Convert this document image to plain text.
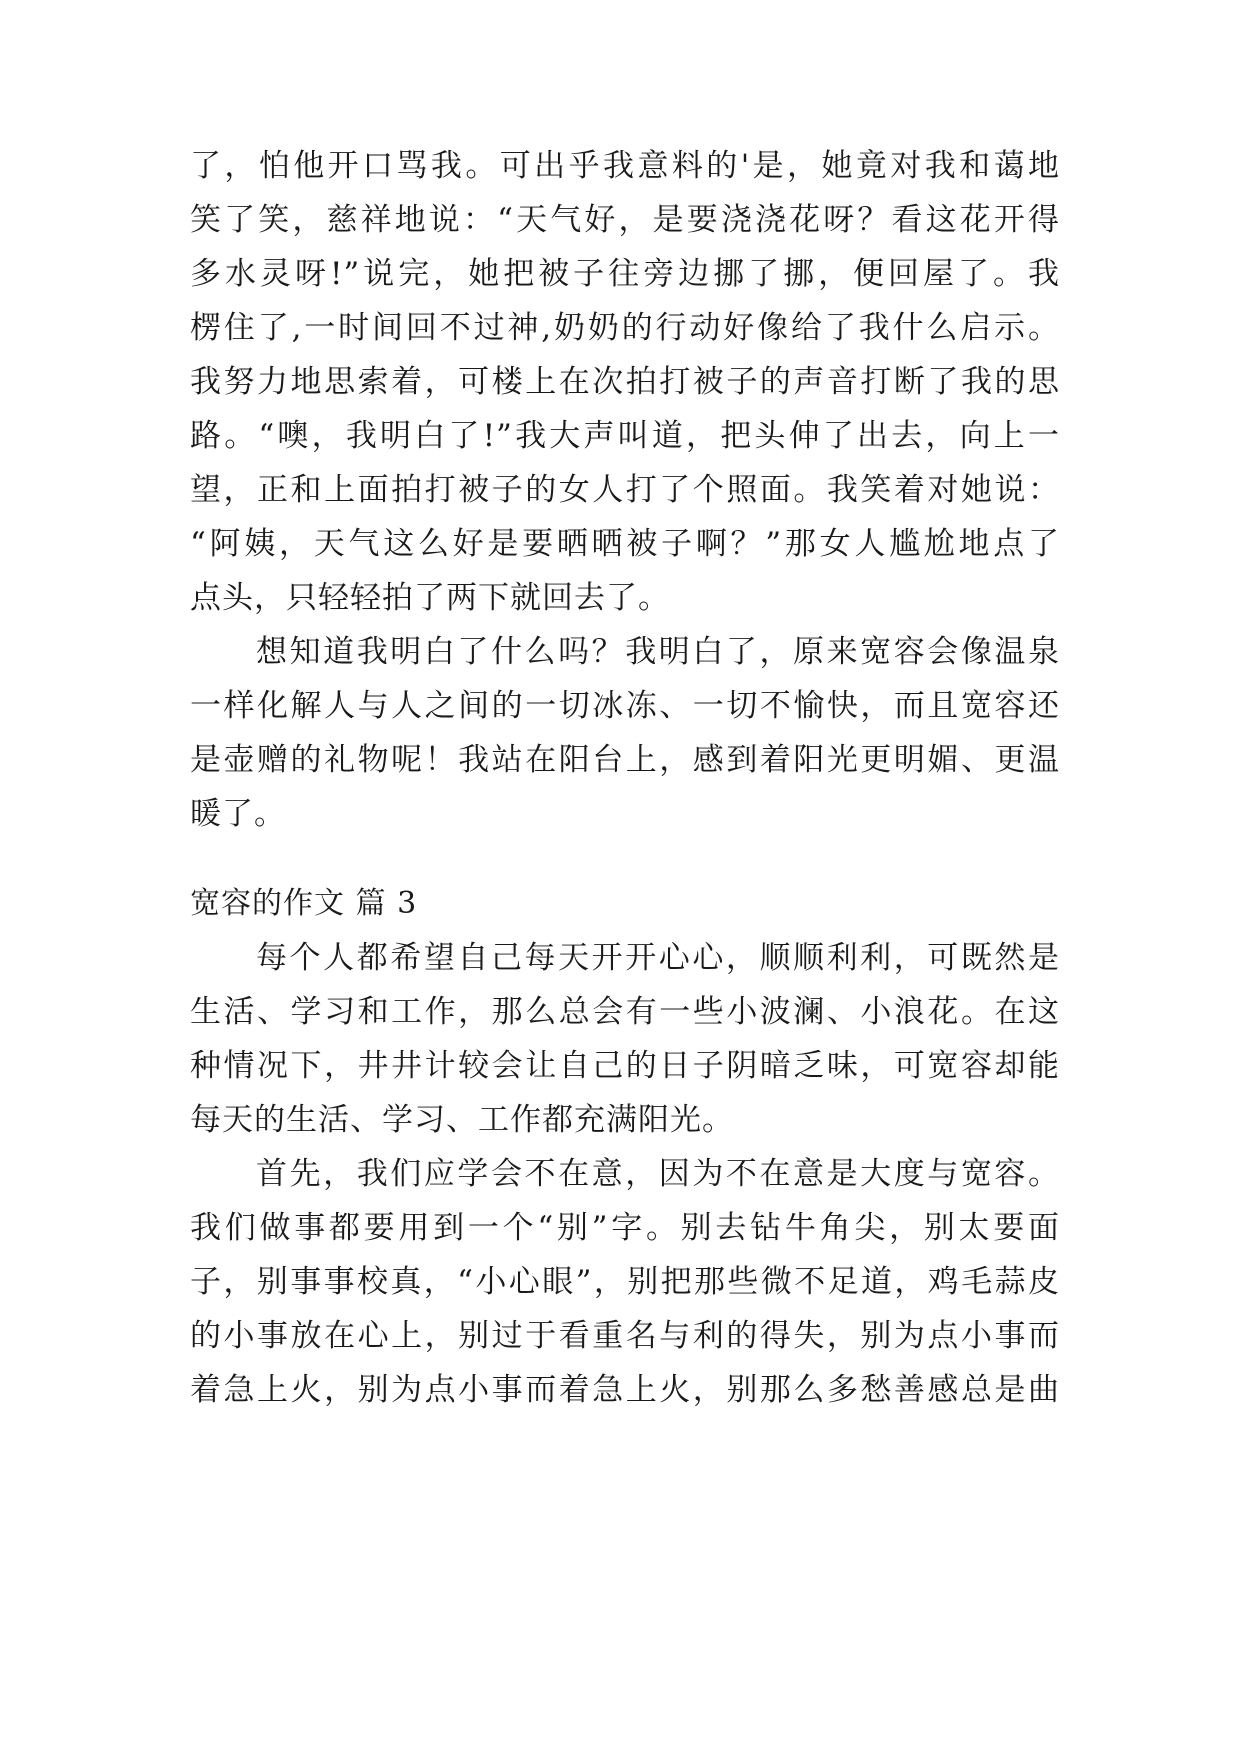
了，怕他开口骂我。可出乎我意料的'是，她竟对我和蔼地

笑了笑，慈祥地说：“天气好，是要浇浇花呀？看这花开得

多水灵呀!”说完，她把被子往旁边挪了挪，便回屋了。我

楞住了,一时间回不过神,奶奶的行动好像给了我什么启示。

我努力地思索着，可楼上在次拍打被子的声音打断了我的思

路。“噢，我明白了!”我大声叫道，把头伸了出去，向上一

望，正和上面拍打被子的女人打了个照面。我笑着对她说：

“阿姨，天气这么好是要晒晒被子啊？”那女人尴尬地点了

点头，只轻轻拍了两下就回去了。

想知道我明白了什么吗？我明白了，原来宽容会像温泉

一样化解人与人之间的一切冰冻、一切不愉快，而且宽容还

是壶赠的礼物呢！我站在阳台上，感到着阳光更明媚、更温

暖了。

宽容的作文 篇 3

每个人都希望自己每天开开心心，顺顺利利，可既然是

生活、学习和工作，那么总会有一些小波澜、小浪花。在这

种情况下，井井计较会让自己的日子阴暗乏味，可宽容却能

每天的生活、学习、工作都充满阳光。

首先，我们应学会不在意，因为不在意是大度与宽容。

我们做事都要用到一个“别”字。别去钻牛角尖，别太要面

子，别事事校真，“小心眼”，别把那些微不足道，鸡毛蒜皮

的小事放在心上，别过于看重名与利的得失，别为点小事而

着急上火，别为点小事而着急上火，别那么多愁善感总是曲
